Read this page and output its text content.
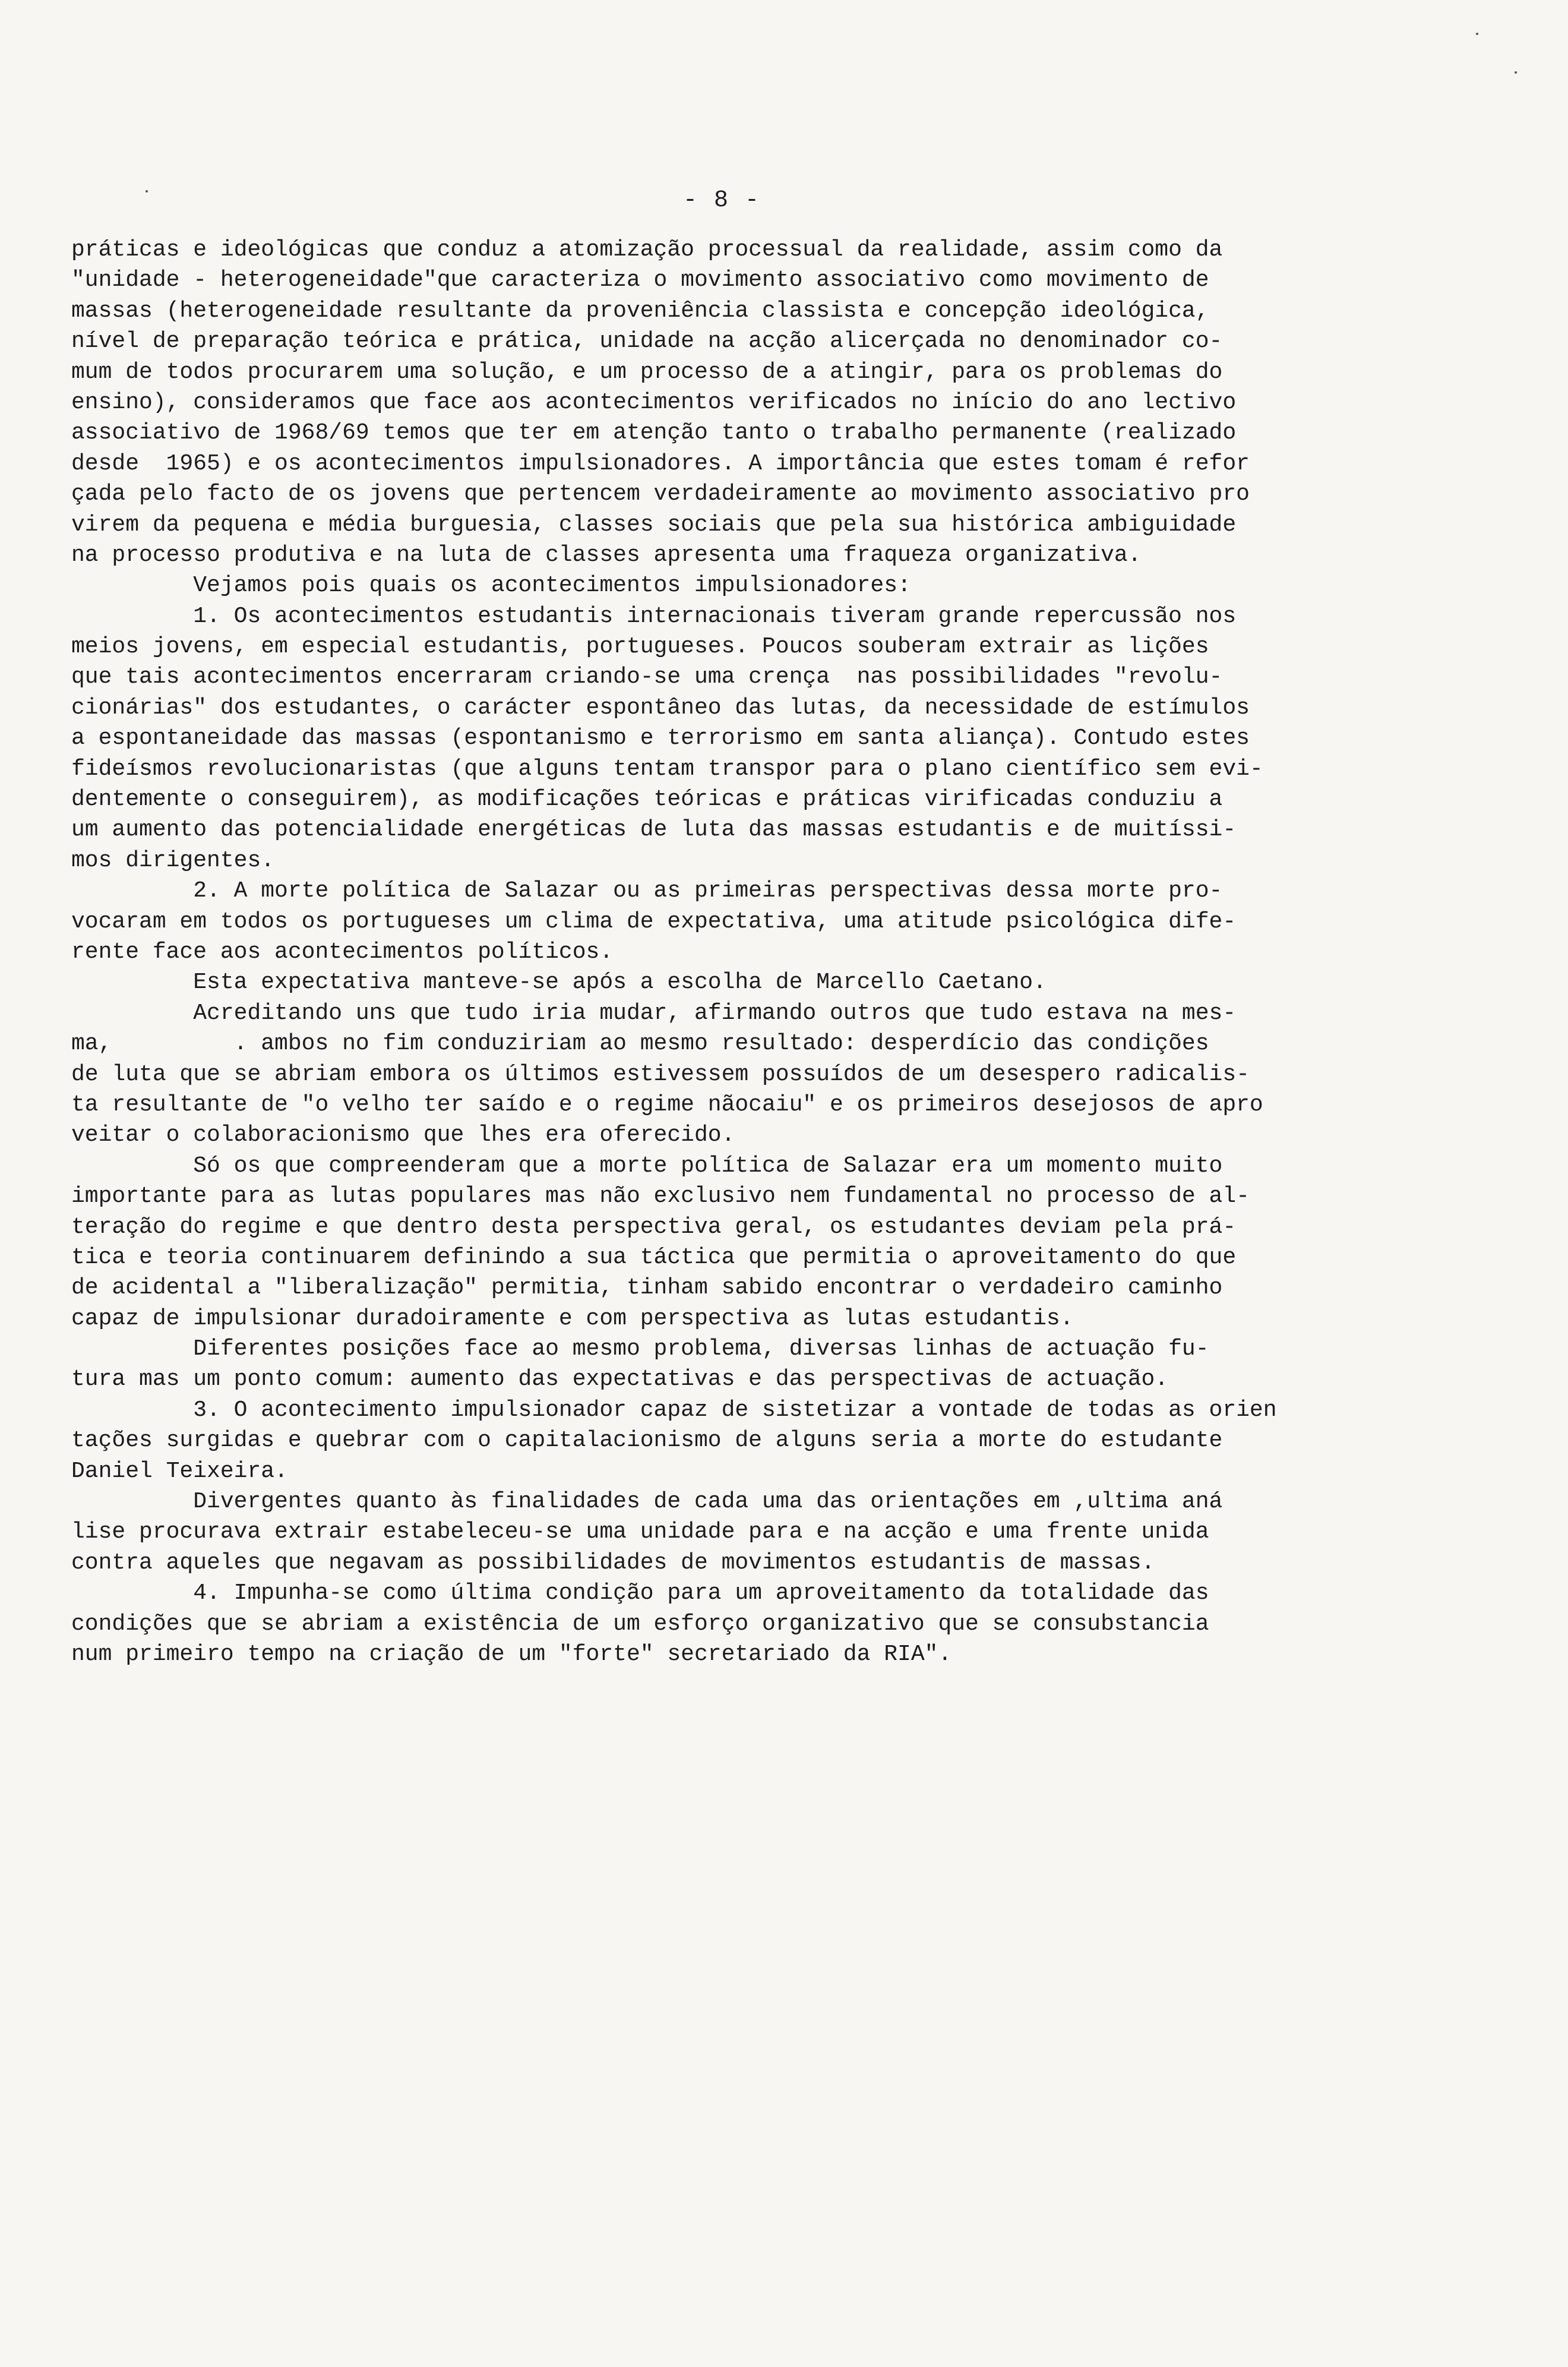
- 8 -
práticas e ideológicas que conduz a atomização processual da realidade, assim como da
"unidade - heterogeneidade"que caracteriza o movimento associativo como movimento de
massas (heterogeneidade resultante da proveniência classista e concepção ideológica,
nível de preparação teórica e prática, unidade na acção alicerçada no denominador co-
mum de todos procurarem uma solução, e um processo de a atingir, para os problemas do
ensino), consideramos que face aos acontecimentos verificados no início do ano lectivo
associativo de 1968/69 temos que ter em atenção tanto o trabalho permanente (realizado
desde  1965) e os acontecimentos impulsionadores. A importância que estes tomam é refor
çada pelo facto de os jovens que pertencem verdadeiramente ao movimento associativo pro
virem da pequena e média burguesia, classes sociais que pela sua histórica ambiguidade
na processo produtiva e na luta de classes apresenta uma fraqueza organizativa.
Vejamos pois quais os acontecimentos impulsionadores:
1. Os acontecimentos estudantis internacionais tiveram grande repercussão nos
meios jovens, em especial estudantis, portugueses. Poucos souberam extrair as lições
que tais acontecimentos encerraram criando-se uma crença  nas possibilidades "revolu-
cionárias" dos estudantes, o carácter espontâneo das lutas, da necessidade de estímulos
a espontaneidade das massas (espontanismo e terrorismo em santa aliança). Contudo estes
fideísmos revolucionaristas (que alguns tentam transpor para o plano científico sem evi-
dentemente o conseguirem), as modificações teóricas e práticas virificadas conduziu a
um aumento das potencialidade energéticas de luta das massas estudantis e de muitíssi-
mos dirigentes.
2. A morte política de Salazar ou as primeiras perspectivas dessa morte pro-
vocaram em todos os portugueses um clima de expectativa, uma atitude psicológica dife-
rente face aos acontecimentos políticos.
Esta expectativa manteve-se após a escolha de Marcello Caetano.
Acreditando uns que tudo iria mudar, afirmando outros que tudo estava na mes-
ma,         . ambos no fim conduziriam ao mesmo resultado: desperdício das condições
de luta que se abriam embora os últimos estivessem possuídos de um desespero radicalis-
ta resultante de "o velho ter saído e o regime nãocaiu" e os primeiros desejosos de apro
veitar o colaboracionismo que lhes era oferecido.
Só os que compreenderam que a morte política de Salazar era um momento muito
importante para as lutas populares mas não exclusivo nem fundamental no processo de al-
teração do regime e que dentro desta perspectiva geral, os estudantes deviam pela prá-
tica e teoria continuarem definindo a sua táctica que permitia o aproveitamento do que
de acidental a "liberalização" permitia, tinham sabido encontrar o verdadeiro caminho
capaz de impulsionar duradoiramente e com perspectiva as lutas estudantis.
Diferentes posições face ao mesmo problema, diversas linhas de actuação fu-
tura mas um ponto comum: aumento das expectativas e das perspectivas de actuação.
3. O acontecimento impulsionador capaz de sistetizar a vontade de todas as orien
tações surgidas e quebrar com o capitalacionismo de alguns seria a morte do estudante
Daniel Teixeira.
Divergentes quanto às finalidades de cada uma das orientações em ,ultima aná
lise procurava extrair estabeleceu-se uma unidade para e na acção e uma frente unida
contra aqueles que negavam as possibilidades de movimentos estudantis de massas.
4. Impunha-se como última condição para um aproveitamento da totalidade das
condições que se abriam a existência de um esforço organizativo que se consubstancia
num primeiro tempo na criação de um "forte" secretariado da RIA".
